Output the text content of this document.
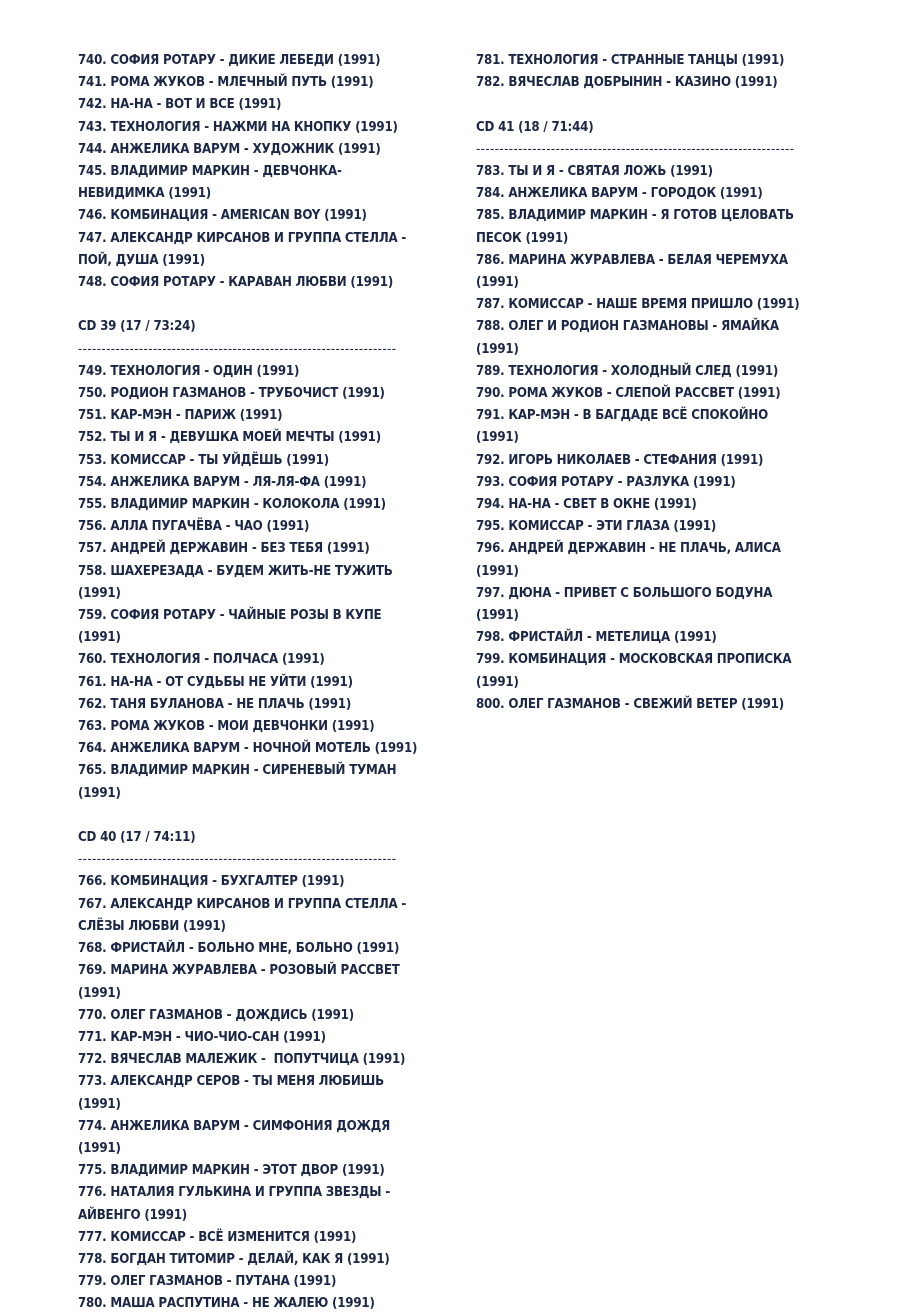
740. СОФИЯ РОТАРУ - ДИКИЕ ЛЕБЕДИ (1991)
741. РОМА ЖУКОВ - МЛЕЧНЫЙ ПУТЬ (1991)
742. НА-НА - ВОТ И ВСЕ (1991)
743. ТЕХНОЛОГИЯ - НАЖМИ НА КНОПКУ (1991)
744. АНЖЕЛИКА ВАРУМ - ХУДОЖНИК (1991)
745. ВЛАДИМИР МАРКИН - ДЕВЧОНКА-НЕВИДИМКА (1991)
746. КОМБИНАЦИЯ - AMERICAN BOY (1991)
747. АЛЕКСАНДР КИРСАНОВ И ГРУППА СТЕЛЛА - ПОЙ, ДУША (1991)
748. СОФИЯ РОТАРУ - КАРАВАН ЛЮБВИ (1991)
CD 39 (17 / 73:24)
--------------------------------------------------------------------
749. ТЕХНОЛОГИЯ - ОДИН (1991)
750. РОДИОН ГАЗМАНОВ - ТРУБОЧИСТ (1991)
751. КАР-МЭН - ПАРИЖ (1991)
752. ТЫ И Я - ДЕВУШКА МОЕЙ МЕЧТЫ (1991)
753. КОМИССАР - ТЫ УЙДЁШЬ (1991)
754. АНЖЕЛИКА ВАРУМ - ЛЯ-ЛЯ-ФА (1991)
755. ВЛАДИМИР МАРКИН - КОЛОКОЛА (1991)
756. АЛЛА ПУГАЧЁВА - ЧАО (1991)
757. АНДРЕЙ ДЕРЖАВИН - БЕЗ ТЕБЯ (1991)
758. ШАХЕРЕЗАДА - БУДЕМ ЖИТЬ-НЕ ТУЖИТЬ (1991)
759. СОФИЯ РОТАРУ - ЧАЙНЫЕ РОЗЫ В КУПЕ (1991)
760. ТЕХНОЛОГИЯ - ПОЛЧАСА (1991)
761. НА-НА - ОТ СУДЬБЫ НЕ УЙТИ (1991)
762. ТАНЯ БУЛАНОВА - НЕ ПЛАЧЬ (1991)
763. РОМА ЖУКОВ - МОИ ДЕВЧОНКИ (1991)
764. АНЖЕЛИКА ВАРУМ - НОЧНОЙ МОТЕЛЬ (1991)
765. ВЛАДИМИР МАРКИН - СИРЕНЕВЫЙ ТУМАН (1991)
CD 40 (17 / 74:11)
--------------------------------------------------------------------
766. КОМБИНАЦИЯ - БУХГАЛТЕР (1991)
767. АЛЕКСАНДР КИРСАНОВ И ГРУППА СТЕЛЛА - СЛЁЗЫ ЛЮБВИ (1991)
768. ФРИСТАЙЛ - БОЛЬНО МНЕ, БОЛЬНО (1991)
769. МАРИНА ЖУРАВЛЕВА - РОЗОВЫЙ РАССВЕТ (1991)
770. ОЛЕГ ГАЗМАНОВ - ДОЖДИСЬ (1991)
771. КАР-МЭН - ЧИО-ЧИО-САН (1991)
772. ВЯЧЕСЛАВ МАЛЕЖИК -  ПОПУТЧИЦА (1991)
773. АЛЕКСАНДР СЕРОВ - ТЫ МЕНЯ ЛЮБИШЬ (1991)
774. АНЖЕЛИКА ВАРУМ - СИМФОНИЯ ДОЖДЯ (1991)
775. ВЛАДИМИР МАРКИН - ЭТОТ ДВОР (1991)
776. НАТАЛИЯ ГУЛЬКИНА И ГРУППА ЗВЕЗДЫ - АЙВЕНГО (1991)
777. КОМИССАР - ВСЁ ИЗМЕНИТСЯ (1991)
778. БОГДАН ТИТОМИР - ДЕЛАЙ, КАК Я (1991)
779. ОЛЕГ ГАЗМАНОВ - ПУТАНА (1991)
780. МАША РАСПУТИНА - НЕ ЖАЛЕЮ (1991)
781. ТЕХНОЛОГИЯ - СТРАННЫЕ ТАНЦЫ (1991)
782. ВЯЧЕСЛАВ ДОБРЫНИН - КАЗИНО (1991)
CD 41 (18 / 71:44)
--------------------------------------------------------------------
783. ТЫ И Я - СВЯТАЯ ЛОЖЬ (1991)
784. АНЖЕЛИКА ВАРУМ - ГОРОДОК (1991)
785. ВЛАДИМИР МАРКИН - Я ГОТОВ ЦЕЛОВАТЬ ПЕСОК (1991)
786. МАРИНА ЖУРАВЛЕВА - БЕЛАЯ ЧЕРЕМУХА (1991)
787. КОМИССАР - НАШЕ ВРЕМЯ ПРИШЛО (1991)
788. ОЛЕГ И РОДИОН ГАЗМАНОВЫ - ЯМАЙКА (1991)
789. ТЕХНОЛОГИЯ - ХОЛОДНЫЙ СЛЕД (1991)
790. РОМА ЖУКОВ - СЛЕПОЙ РАССВЕТ (1991)
791. КАР-МЭН - В БАГДАДЕ ВСЁ СПОКОЙНО (1991)
792. ИГОРЬ НИКОЛАЕВ - СТЕФАНИЯ (1991)
793. СОФИЯ РОТАРУ - РАЗЛУКА (1991)
794. НА-НА - СВЕТ В ОКНЕ (1991)
795. КОМИССАР - ЭТИ ГЛАЗА (1991)
796. АНДРЕЙ ДЕРЖАВИН - НЕ ПЛАЧЬ, АЛИСА (1991)
797. ДЮНА - ПРИВЕТ С БОЛЬШОГО БОДУНА (1991)
798. ФРИСТАЙЛ - МЕТЕЛИЦА (1991)
799. КОМБИНАЦИЯ - МОСКОВСКАЯ ПРОПИСКА (1991)
800. ОЛЕГ ГАЗМАНОВ - СВЕЖИЙ ВЕТЕР (1991)
